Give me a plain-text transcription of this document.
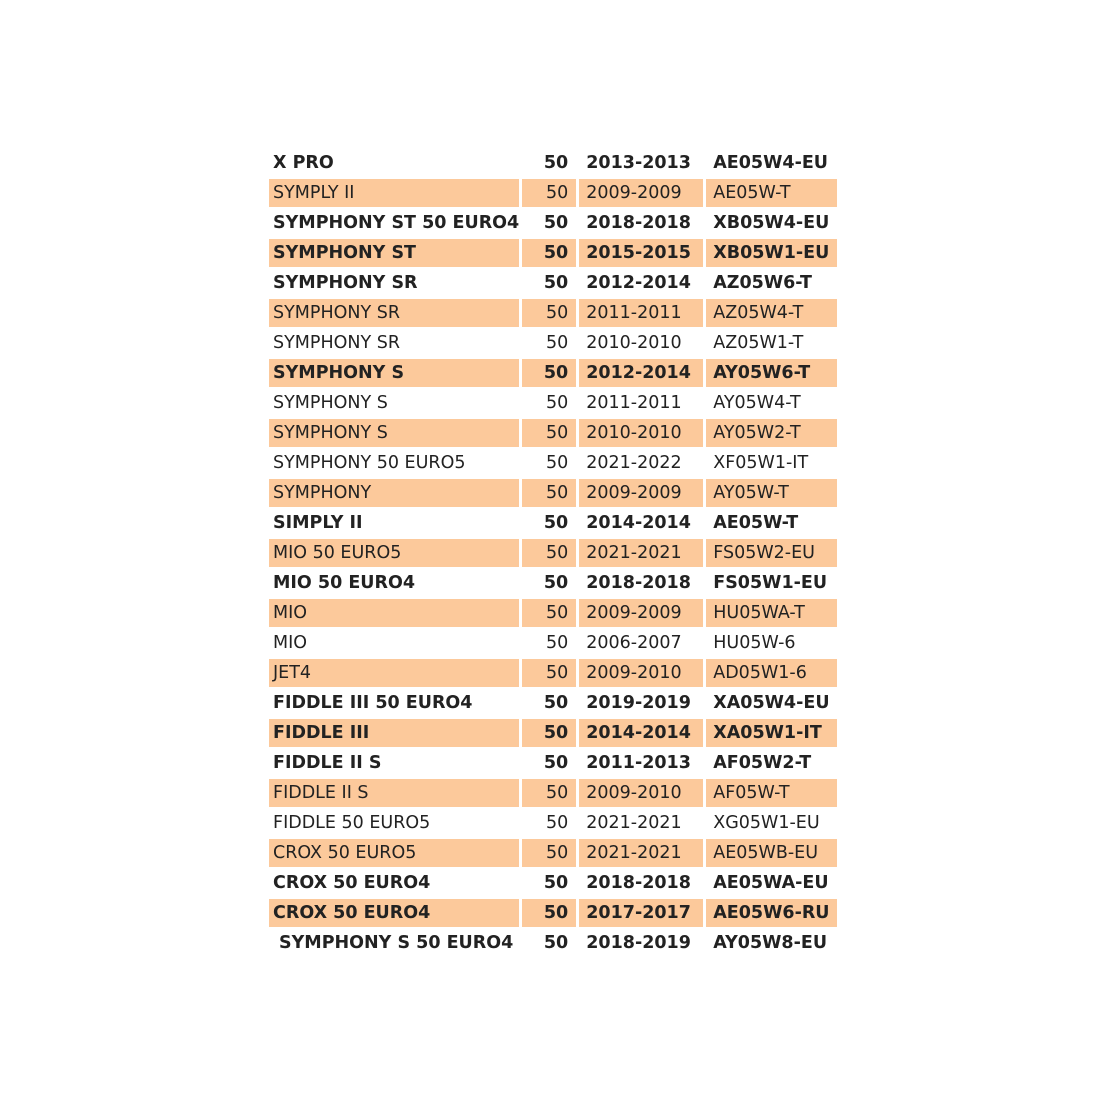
X PRO	50	2013-2013	AE05W4-EU
SYMPLY II	50	2009-2009	AE05W-T
SYMPHONY ST 50 EURO4	50	2018-2018	XB05W4-EU
SYMPHONY ST	50	2015-2015	XB05W1-EU
SYMPHONY SR	50	2012-2014	AZ05W6-T
SYMPHONY SR	50	2011-2011	AZ05W4-T
SYMPHONY SR	50	2010-2010	AZ05W1-T
SYMPHONY S	50	2012-2014	AY05W6-T
SYMPHONY S	50	2011-2011	AY05W4-T
SYMPHONY S	50	2010-2010	AY05W2-T
SYMPHONY 50 EURO5	50	2021-2022	XF05W1-IT
SYMPHONY	50	2009-2009	AY05W-T
SIMPLY II	50	2014-2014	AE05W-T
MIO 50 EURO5	50	2021-2021	FS05W2-EU
MIO 50 EURO4	50	2018-2018	FS05W1-EU
MIO	50	2009-2009	HU05WA-T
MIO	50	2006-2007	HU05W-6
JET4	50	2009-2010	AD05W1-6
FIDDLE III 50 EURO4	50	2019-2019	XA05W4-EU
FIDDLE III	50	2014-2014	XA05W1-IT
FIDDLE II S	50	2011-2013	AF05W2-T
FIDDLE II S	50	2009-2010	AF05W-T
FIDDLE 50 EURO5	50	2021-2021	XG05W1-EU
CROX 50 EURO5	50	2021-2021	AE05WB-EU
CROX 50 EURO4	50	2018-2018	AE05WA-EU
CROX 50 EURO4	50	2017-2017	AE05W6-RU
SYMPHONY S 50 EURO4	50	2018-2019	AY05W8-EU
